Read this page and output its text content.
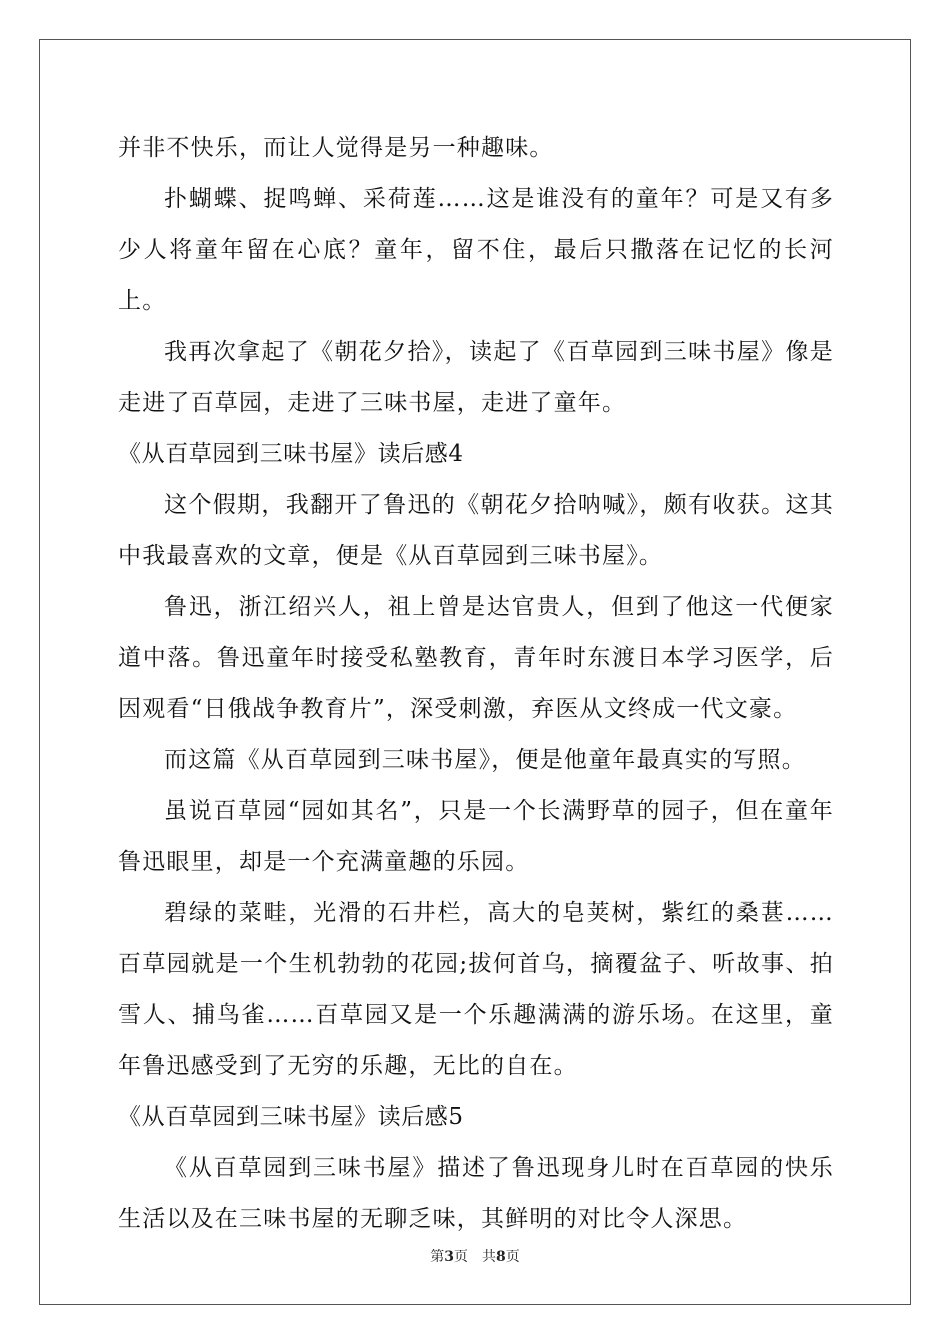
并非不快乐，而让人觉得是另一种趣味。

扑蝴蝶、捉鸣蝉、采荷莲……这是谁没有的童年？可是又有多少人将童年留在心底？童年，留不住，最后只撒落在记忆的长河上。

我再次拿起了《朝花夕拾》，读起了《百草园到三味书屋》像是走进了百草园，走进了三味书屋，走进了童年。

《从百草园到三味书屋》读后感4

这个假期，我翻开了鲁迅的《朝花夕拾呐喊》，颇有收获。这其中我最喜欢的文章，便是《从百草园到三味书屋》。

鲁迅，浙江绍兴人，祖上曾是达官贵人，但到了他这一代便家道中落。鲁迅童年时接受私塾教育，青年时东渡日本学习医学，后因观看“日俄战争教育片”，深受刺激，弃医从文终成一代文豪。

而这篇《从百草园到三味书屋》，便是他童年最真实的写照。

虽说百草园“园如其名”，只是一个长满野草的园子，但在童年鲁迅眼里，却是一个充满童趣的乐园。

碧绿的菜畦，光滑的石井栏，高大的皂荚树，紫红的桑葚……百草园就是一个生机勃勃的花园;拔何首乌，摘覆盆子、听故事、拍雪人、捕鸟雀……百草园又是一个乐趣满满的游乐场。在这里，童年鲁迅感受到了无穷的乐趣，无比的自在。

《从百草园到三味书屋》读后感5

《从百草园到三味书屋》描述了鲁迅现身儿时在百草园的快乐生活以及在三味书屋的无聊乏味，其鲜明的对比令人深思。

第3页 共8页
